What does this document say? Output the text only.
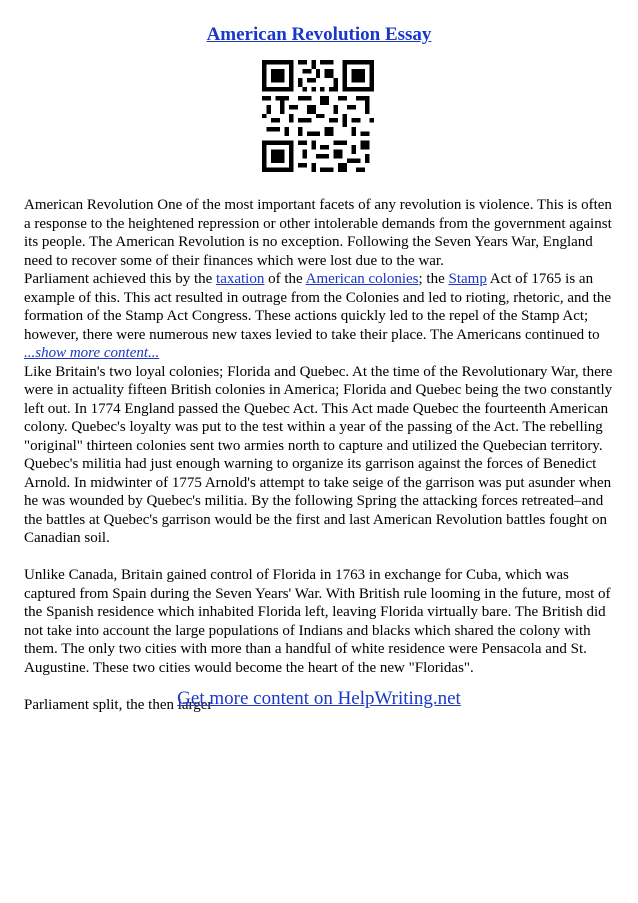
American Revolution Essay

American Revolution One of the most important facets of any revolution is violence. This is often a response to the heightened repression or other intolerable demands from the government against its people. The American Revolution is no exception. Following the Seven Years War, England need to recover some of their finances which were lost due to the war.

Parliament achieved this by the taxation of the American colonies; the Stamp Act of 1765 is an example of this. This act resulted in outrage from the Colonies and led to rioting, rhetoric, and the formation of the Stamp Act Congress. These actions quickly led to the repel of the Stamp Act; however, there were numerous new taxes levied to take their place. The Americans continued to

...show more content...

Like Britain's two loyal colonies; Florida and Quebec. At the time of the Revolutionary War, there were in actuality fifteen British colonies in America; Florida and Quebec being the two constantly left out. In 1774 England passed the Quebec Act. This Act made Quebec the fourteenth American colony. Quebec's loyalty was put to the test within a year of the passing of the Act. The rebelling "original" thirteen colonies sent two armies north to capture and utilized the Quebecian territory. Quebec's militia had just enough warning to organize its garrison against the forces of Benedict Arnold. In midwinter of 1775 Arnold's attempt to take seige of the garrison was put asunder when he was wounded by Quebec's militia. By the following Spring the attacking forces retreated–and the battles at Quebec's garrison would be the first and last American Revolution battles fought on Canadian soil.

Unlike Canada, Britain gained control of Florida in 1763 in exchange for Cuba, which was captured from Spain during the Seven Years' War. With British rule looming in the future, most of the Spanish residence which inhabited Florida left, leaving Florida virtually bare. The British did not take into account the large populations of Indians and blacks which shared the colony with them. The only two cities with more than a handful of white residence were Pensacola and St. Augustine. These two cities would become the heart of the new "Floridas".

Parliament split, the then larger

Get more content on HelpWriting.net
